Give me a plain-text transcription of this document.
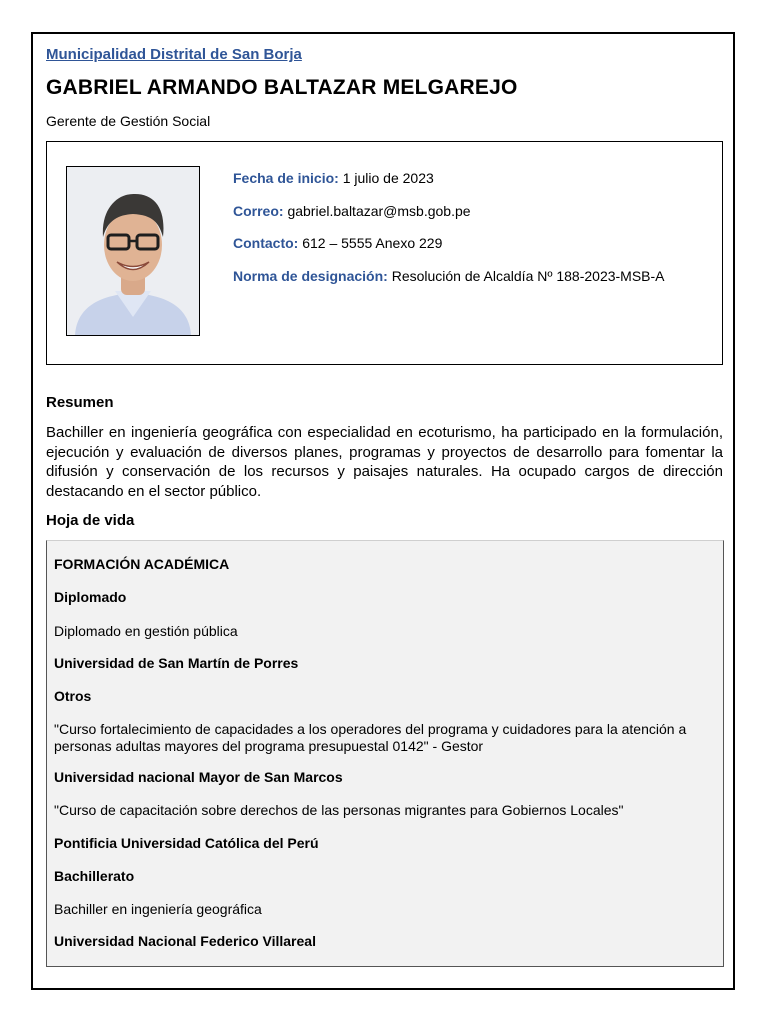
Municipalidad Distrital de San Borja
GABRIEL ARMANDO BALTAZAR MELGAREJO
Gerente de Gestión Social
Fecha de inicio: 1 julio de 2023
Correo: gabriel.baltazar@msb.gob.pe
Contacto: 612 – 5555 Anexo 229
Norma de designación: Resolución de Alcaldía Nº 188-2023-MSB-A
Resumen
Bachiller en ingeniería geográfica con especialidad en ecoturismo, ha participado en la formulación, ejecución y evaluación de diversos planes, programas y proyectos de desarrollo para fomentar la difusión y conservación de los recursos y paisajes naturales. Ha ocupado cargos de dirección destacando en el sector público.
Hoja de vida
FORMACIÓN ACADÉMICA
Diplomado
Diplomado en gestión pública
Universidad de San Martín de Porres
Otros
"Curso fortalecimiento de capacidades a los operadores del programa y cuidadores para la atención a personas adultas mayores del programa presupuestal 0142" - Gestor
Universidad nacional Mayor de San Marcos
"Curso de capacitación sobre derechos de las personas migrantes para Gobiernos Locales"
Pontificia Universidad Católica del Perú
Bachillerato
Bachiller en ingeniería geográfica
Universidad Nacional Federico Villareal
